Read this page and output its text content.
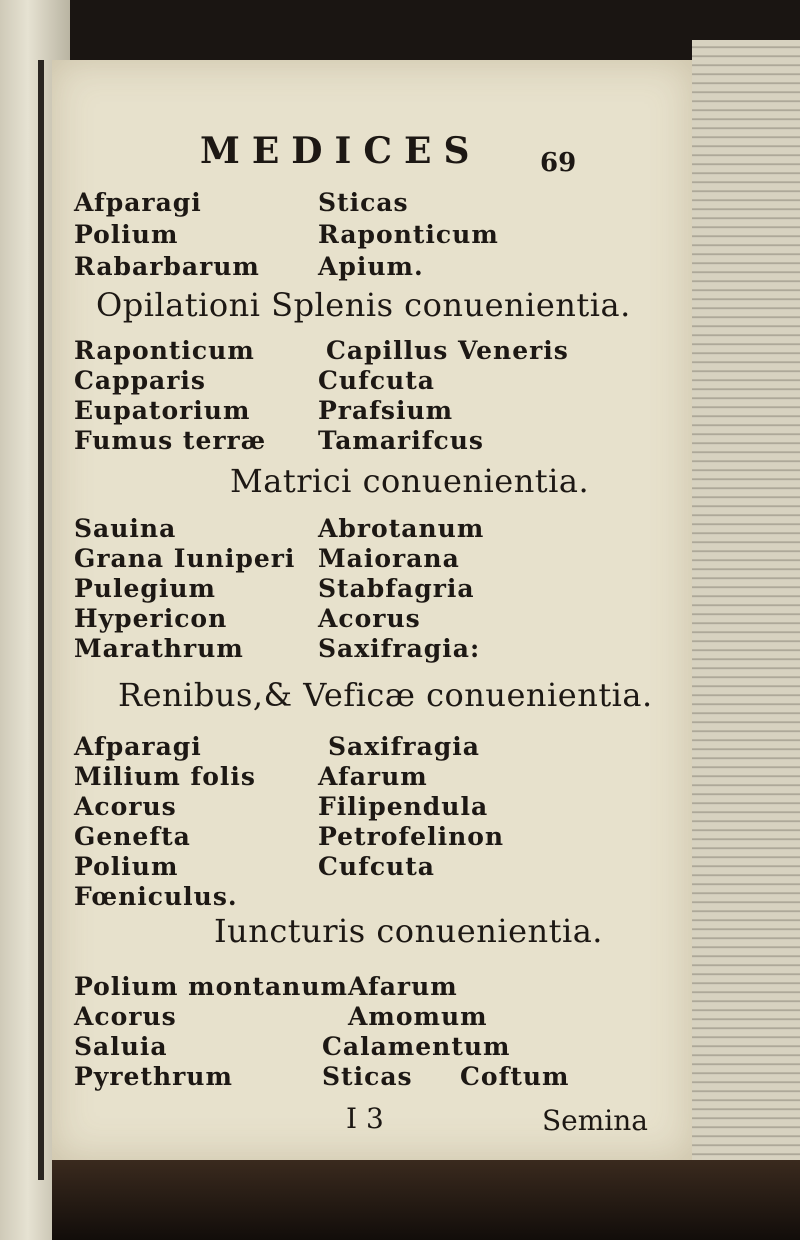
MEDICES 69
Afparagi
Polium
Rabarbarum
Sticas
Raponticum
Apium.
Opilationi Splenis conuenientia.
Raponticum
Capparis
Eupatorium
Fumus terræ
Capillus Veneris
Cufcuta
Prafsium
Tamarifcus
Matrici conuenientia.
Sauina
Grana Iuniperi
Pulegium
Hypericon
Marathrum
Abrotanum
Maiorana
Stabfagria
Acorus
Saxifragia:
Renibus,& Veficæ conuenientia.
Afparagi
Milium folis
Acorus
Genefta
Polium
Fœniculus.
Saxifragia
Afarum
Filipendula
Petrofelinon
Cufcuta
Iuncturis conuenientia.
Polium montanum
Acorus
Saluia
Pyrethrum
Afarum
Amomum
Calamentum
Sticas Coftum
I 3	Semina
